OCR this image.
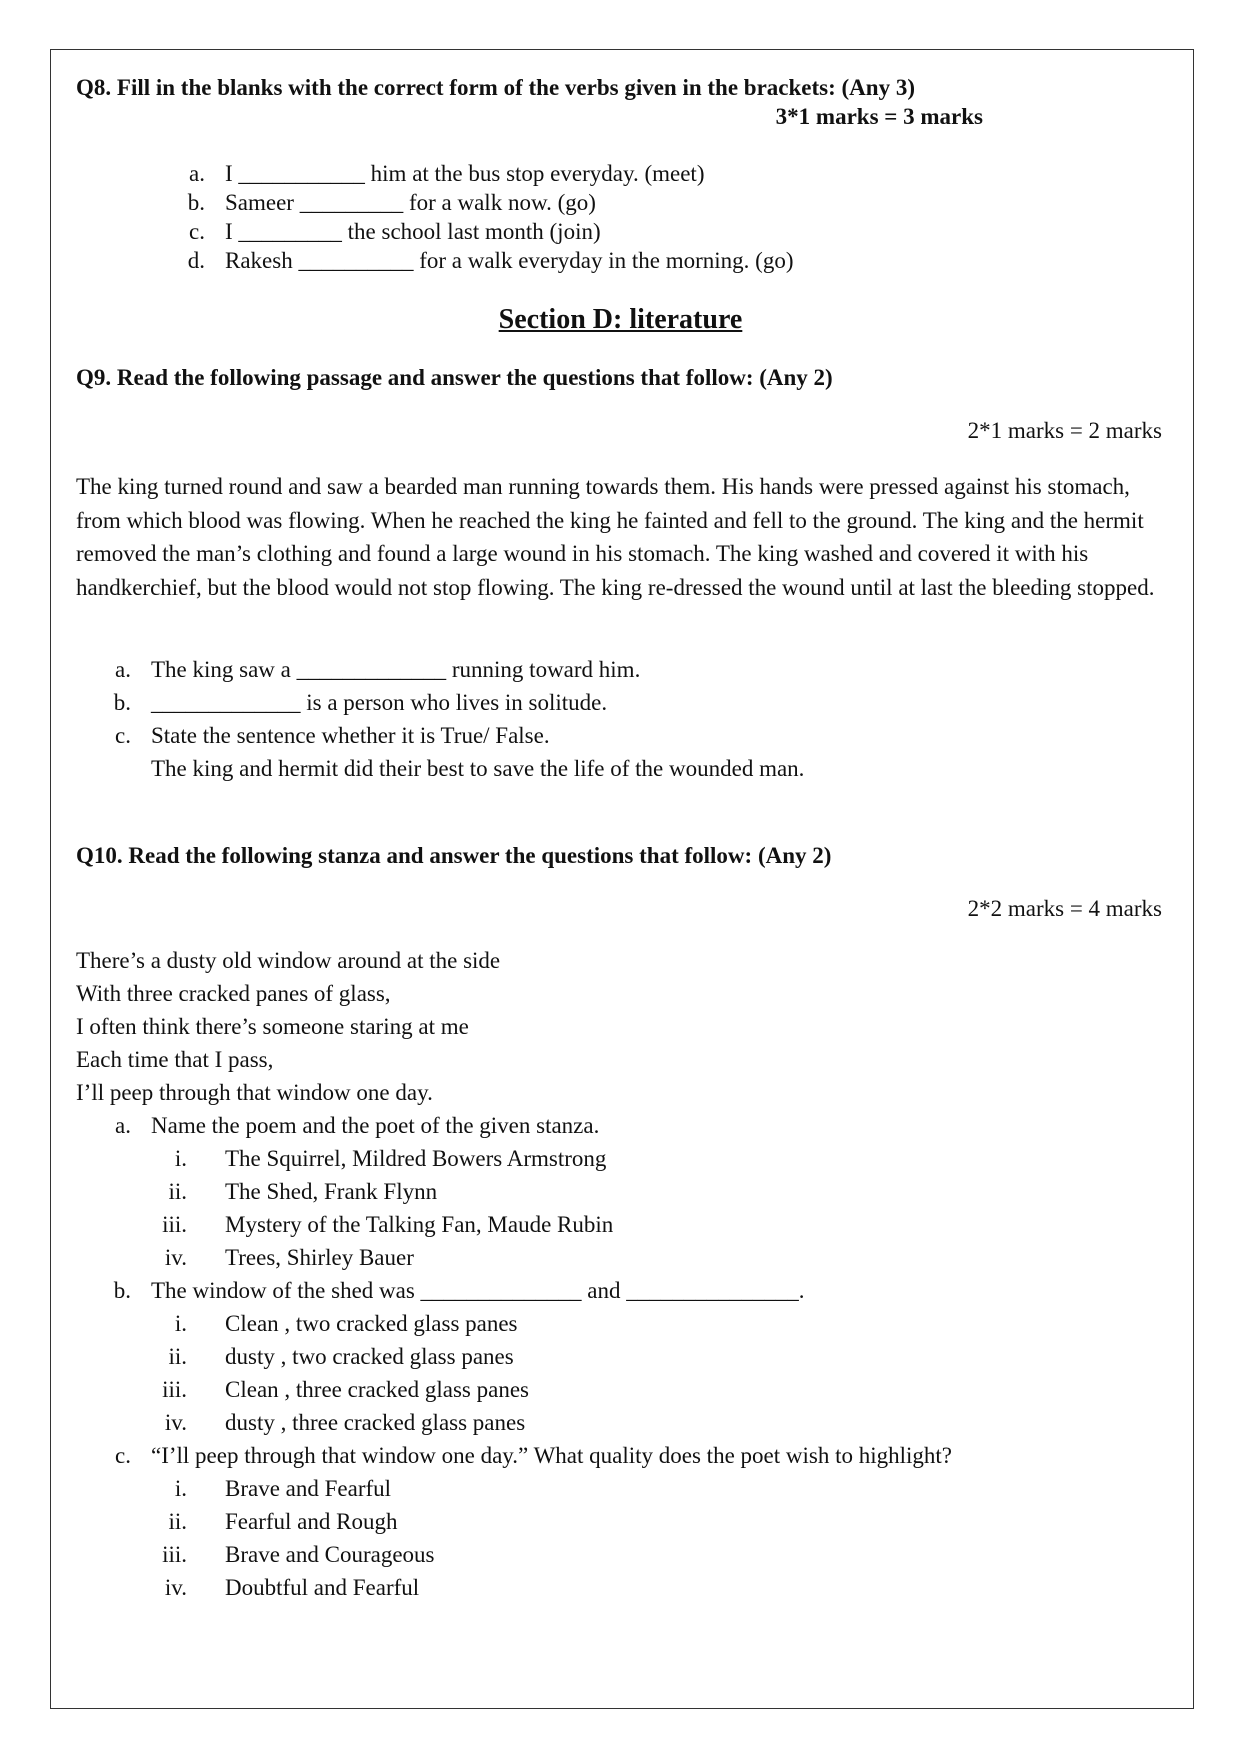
Q8. Fill in the blanks with the correct form of the verbs given in the brackets: (Any 3)
3*1 marks = 3 marks
a. I ___________ him at the bus stop everyday. (meet)
b. Sameer _________ for a walk now. (go)
c. I _________ the school last month (join)
d. Rakesh __________ for a walk everyday in the morning. (go)
Section D: literature
Q9. Read the following passage and answer the questions that follow: (Any 2)
2*1 marks = 2 marks

The king turned round and saw a bearded man running towards them. His hands were pressed against his stomach, from which blood was flowing. When he reached the king he fainted and fell to the ground. The king and the hermit removed the man’s clothing and found a large wound in his stomach. The king washed and covered it with his handkerchief, but the blood would not stop flowing. The king re-dressed the wound until at last the bleeding stopped.

a. The king saw a _____________ running toward him.
b. _____________ is a person who lives in solitude.
c. State the sentence whether it is True/ False.
The king and hermit did their best to save the life of the wounded man.
Q10. Read the following stanza and answer the questions that follow: (Any 2)
2*2 marks = 4 marks
There’s a dusty old window around at the side
With three cracked panes of glass,
I often think there’s someone staring at me
Each time that I pass,
I’ll peep through that window one day.
a. Name the poem and the poet of the given stanza.
i. The Squirrel, Mildred Bowers Armstrong
ii. The Shed, Frank Flynn
iii. Mystery of the Talking Fan, Maude Rubin
iv. Trees, Shirley Bauer
b. The window of the shed was ______________ and _______________.
i. Clean , two cracked glass panes
ii. dusty , two cracked glass panes
iii. Clean , three cracked glass panes
iv. dusty , three cracked glass panes
c. “I’ll peep through that window one day.” What quality does the poet wish to highlight?
i. Brave and Fearful
ii. Fearful and Rough
iii. Brave and Courageous
iv. Doubtful and Fearful
